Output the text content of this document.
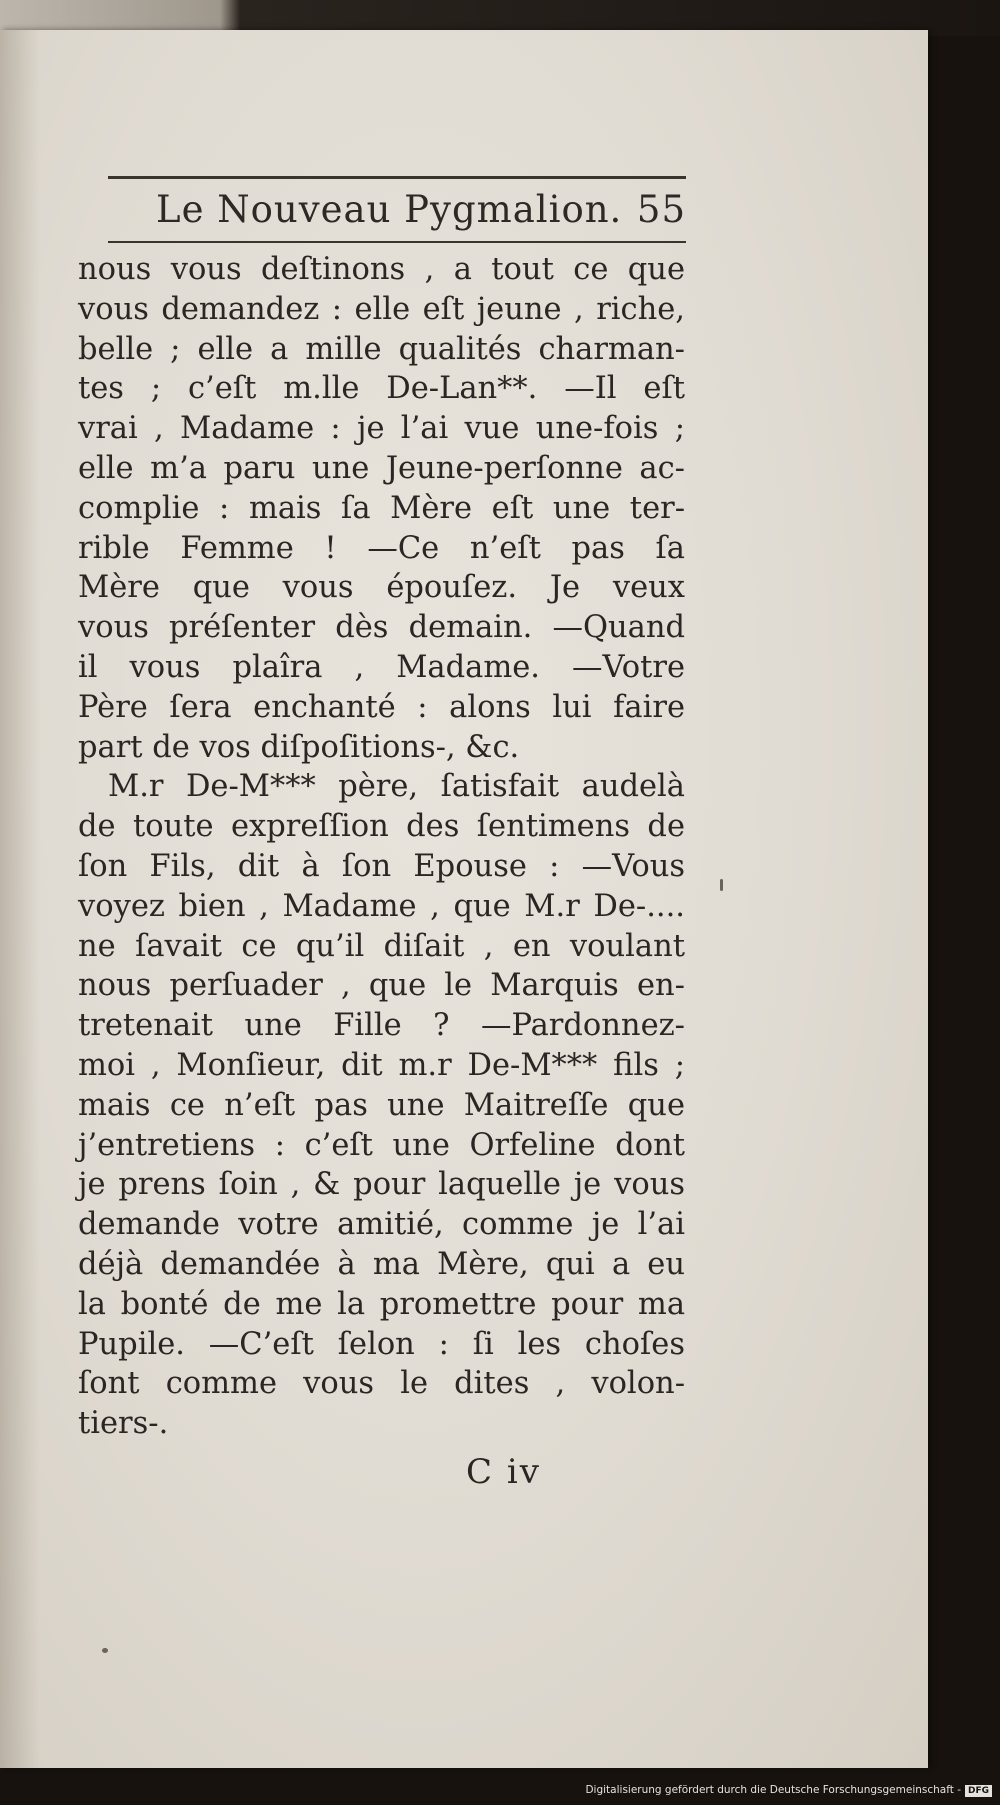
Le Nouveau Pygmalion. 55
nous vous deſtinons , a tout ce que
vous demandez : elle eſt jeune , riche,
belle ; elle a mille qualités charman-
tes ; c’eſt m.lle De-Lan**. —Il eſt
vrai , Madame : je l’ai vue une-fois ;
elle m’a paru une Jeune-perſonne ac-
complie : mais ſa Mère eſt une ter-
rible Femme ! —Ce n’eſt pas ſa
Mère que vous épouſez. Je veux
vous préſenter dès demain. —Quand
il vous plaîra , Madame. —Votre
Père ſera enchanté : alons lui faire
part de vos diſpoſitions-, &c.
M.r De-M*** père, ſatisfait audelà
de toute expreſſion des ſentimens de
ſon Fils, dit à ſon Epouse : —Vous
voyez bien , Madame , que M.r De-....
ne ſavait ce qu’il diſait , en voulant
nous perſuader , que le Marquis en-
tretenait une Fille ? —Pardonnez-
moi , Monſieur, dit m.r De-M*** fils ;
mais ce n’eſt pas une Maitreſſe que
j’entretiens : c’eſt une Orfeline dont
je prens ſoin , & pour laquelle je vous
demande votre amitié, comme je l’ai
déjà demandée à ma Mère, qui a eu
la bonté de me la promettre pour ma
Pupile. —C’eſt ſelon : ſi les choſes
ſont comme vous le dites , volon-
tiers-.
C iv
Digitalisierung gefördert durch die Deutsche Forschungsgemeinschaft - DFG
